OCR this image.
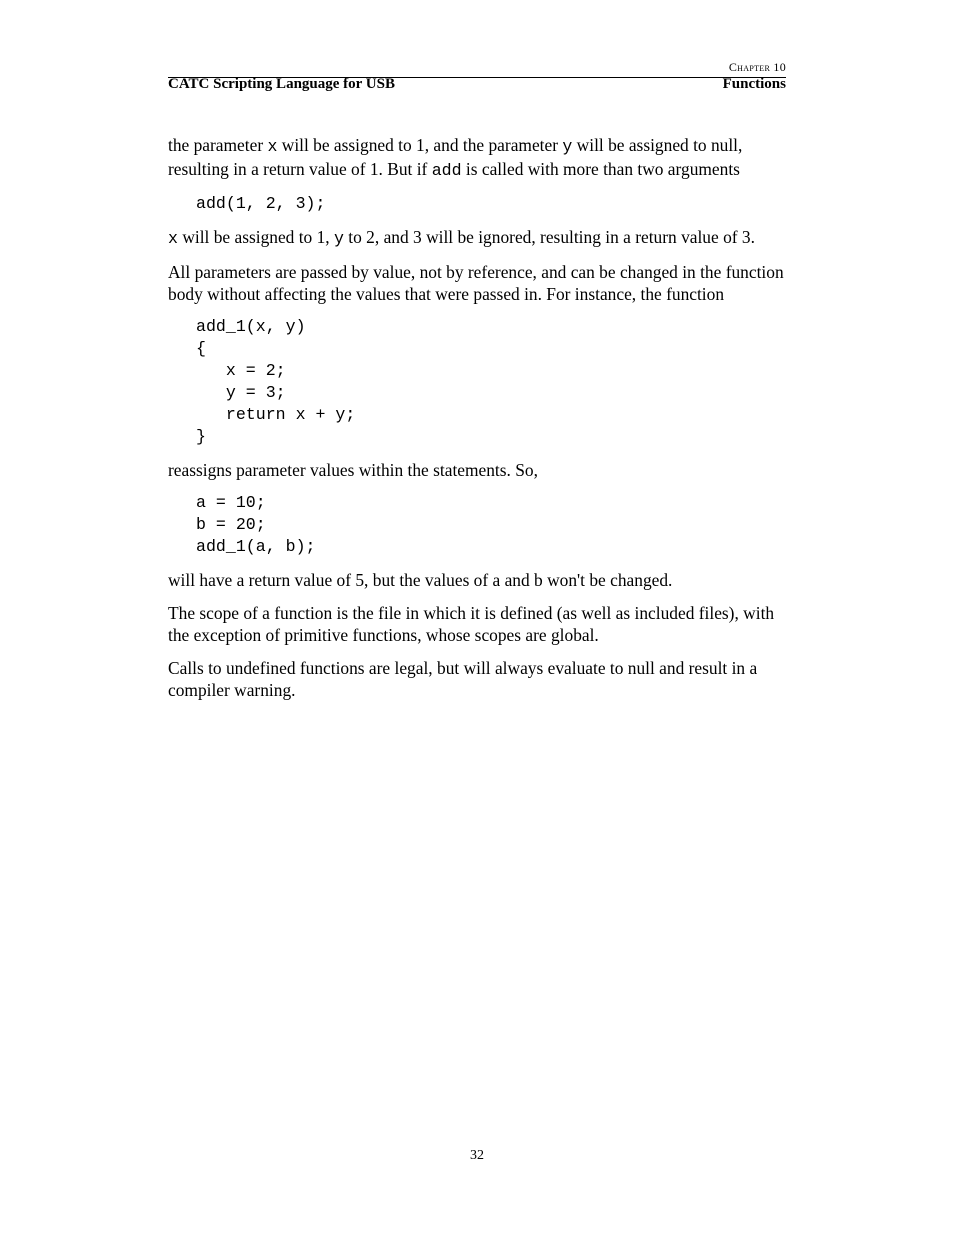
Chapter 10
CATC Scripting Language for USB	Functions

the parameter x will be assigned to 1, and the parameter y will be assigned to null, resulting in a return value of 1. But if add is called with more than two arguments

add(1, 2, 3);

x will be assigned to 1, y to 2, and 3 will be ignored, resulting in a return value of 3.

All parameters are passed by value, not by reference, and can be changed in the function body without affecting the values that were passed in. For instance, the function

add_1(x, y)
{
x = 2;
y = 3;
return x + y;
}

reassigns parameter values within the statements. So,

a = 10;
b = 20;
add_1(a, b);

will have a return value of 5, but the values of a and b won't be changed.

The scope of a function is the file in which it is defined (as well as included files), with the exception of primitive functions, whose scopes are global.

Calls to undefined functions are legal, but will always evaluate to null and result in a compiler warning.

32
